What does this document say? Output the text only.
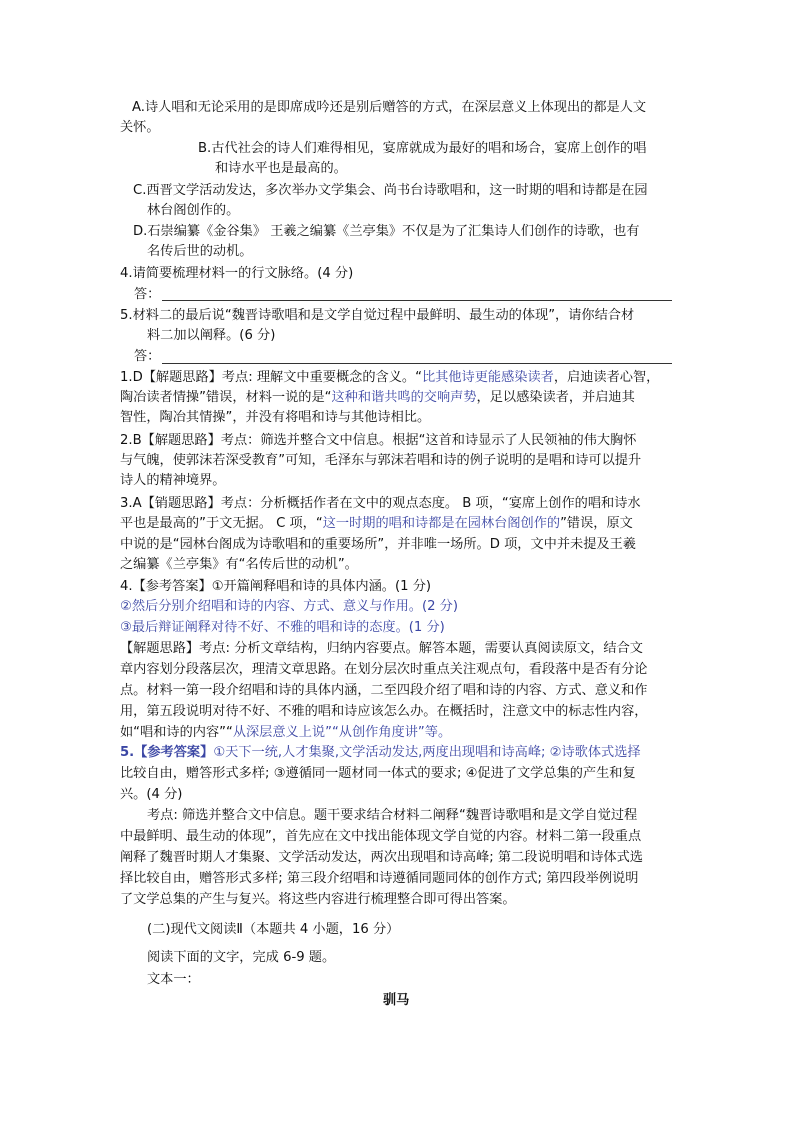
A.诗人唱和无论采用的是即席成吟还是别后赠答的方式，在深层意义上体现出的都是人文
关怀。
B.古代社会的诗人们难得相见，宴席就成为最好的唱和场合，宴席上创作的唱
和诗水平也是最高的。
C.西晋文学活动发达，多次举办文学集会、尚书台诗歌唱和，这一时期的唱和诗都是在园
林台阁创作的。
D.石崇编纂《金谷集》 王羲之编纂《兰亭集》不仅是为了汇集诗人们创作的诗歌，也有
名传后世的动机。
4.请简要梳理材料一的行文脉络。(4 分)
答：
5.材料二的最后说“魏晋诗歌唱和是文学自觉过程中最鲜明、最生动的体现”，请你结合材
料二加以阐释。(6 分)
答：
1.D【解题思路】考点: 理解文中重要概念的含义。“比其他诗更能感染读者，启迪读者心智，
陶冶读者情操”错误，材料一说的是“这种和谐共鸣的交响声势，足以感染读者，并启迪其
智性，陶冶其情操”，并没有将唱和诗与其他诗相比。
2.B【解题思路】考点：筛选并整合文中信息。根据“这首和诗显示了人民领袖的伟大胸怀
与气魄，使郭沫若深受教育”可知，毛泽东与郭沫若唱和诗的例子说明的是唱和诗可以提升
诗人的精神境界。
3.A【销题思路】考点：分析概括作者在文中的观点态度。 B 项，“宴席上创作的唱和诗水
平也是最高的”于文无据。 C 项，“这一时期的唱和诗都是在园林台阁创作的”错误，原文
中说的是“园林台阁成为诗歌唱和的重要场所”，并非唯一场所。D 项，文中并未提及王羲
之编纂《兰亭集》有“名传后世的动机”。
4.【参考答案】①开篇阐释唱和诗的具体内涵。(1 分)
②然后分别介绍唱和诗的内容、方式、意义与作用。(2 分)
③最后辩证阐释对待不好、不雅的唱和诗的态度。(1 分)
【解题思路】考点: 分析文章结构，归纳内容要点。解答本题，需要认真阅读原文，结合文
章内容划分段落层次，理清文章思路。在划分层次时重点关注观点句，看段落中是否有分论
点。材料一第一段介绍唱和诗的具体内涵，二至四段介绍了唱和诗的内容、方式、意义和作
用，第五段说明对待不好、不雅的唱和诗应该怎么办。在概括时，注意文中的标志性内容，
如“唱和诗的内容”“从深层意义上说”“从创作角度讲”等。
5.【参考答案】①天下一统,人才集聚,文学活动发达,两度出现唱和诗高峰; ②诗歌体式选择
比较自由，赠答形式多样; ③遵循同一题材同一体式的要求; ④促进了文学总集的产生和复
兴。(4 分)
考点: 筛选并整合文中信息。题干要求结合材料二阐释“魏晋诗歌唱和是文学自觉过程
中最鲜明、最生动的体现”，首先应在文中找出能体现文学自觉的内容。材料二第一段重点
阐释了魏晋时期人才集聚、文学活动发达，两次出现唱和诗高峰; 第二段说明唱和诗体式选
择比较自由，赠答形式多样; 第三段介绍唱和诗遵循同题同体的创作方式; 第四段举例说明
了文学总集的产生与复兴。将这些内容进行梳理整合即可得出答案。
(二)现代文阅读Ⅱ（本题共 4 小题，16 分）
阅读下面的文字，完成 6-9 题。
文本一：
驯马
